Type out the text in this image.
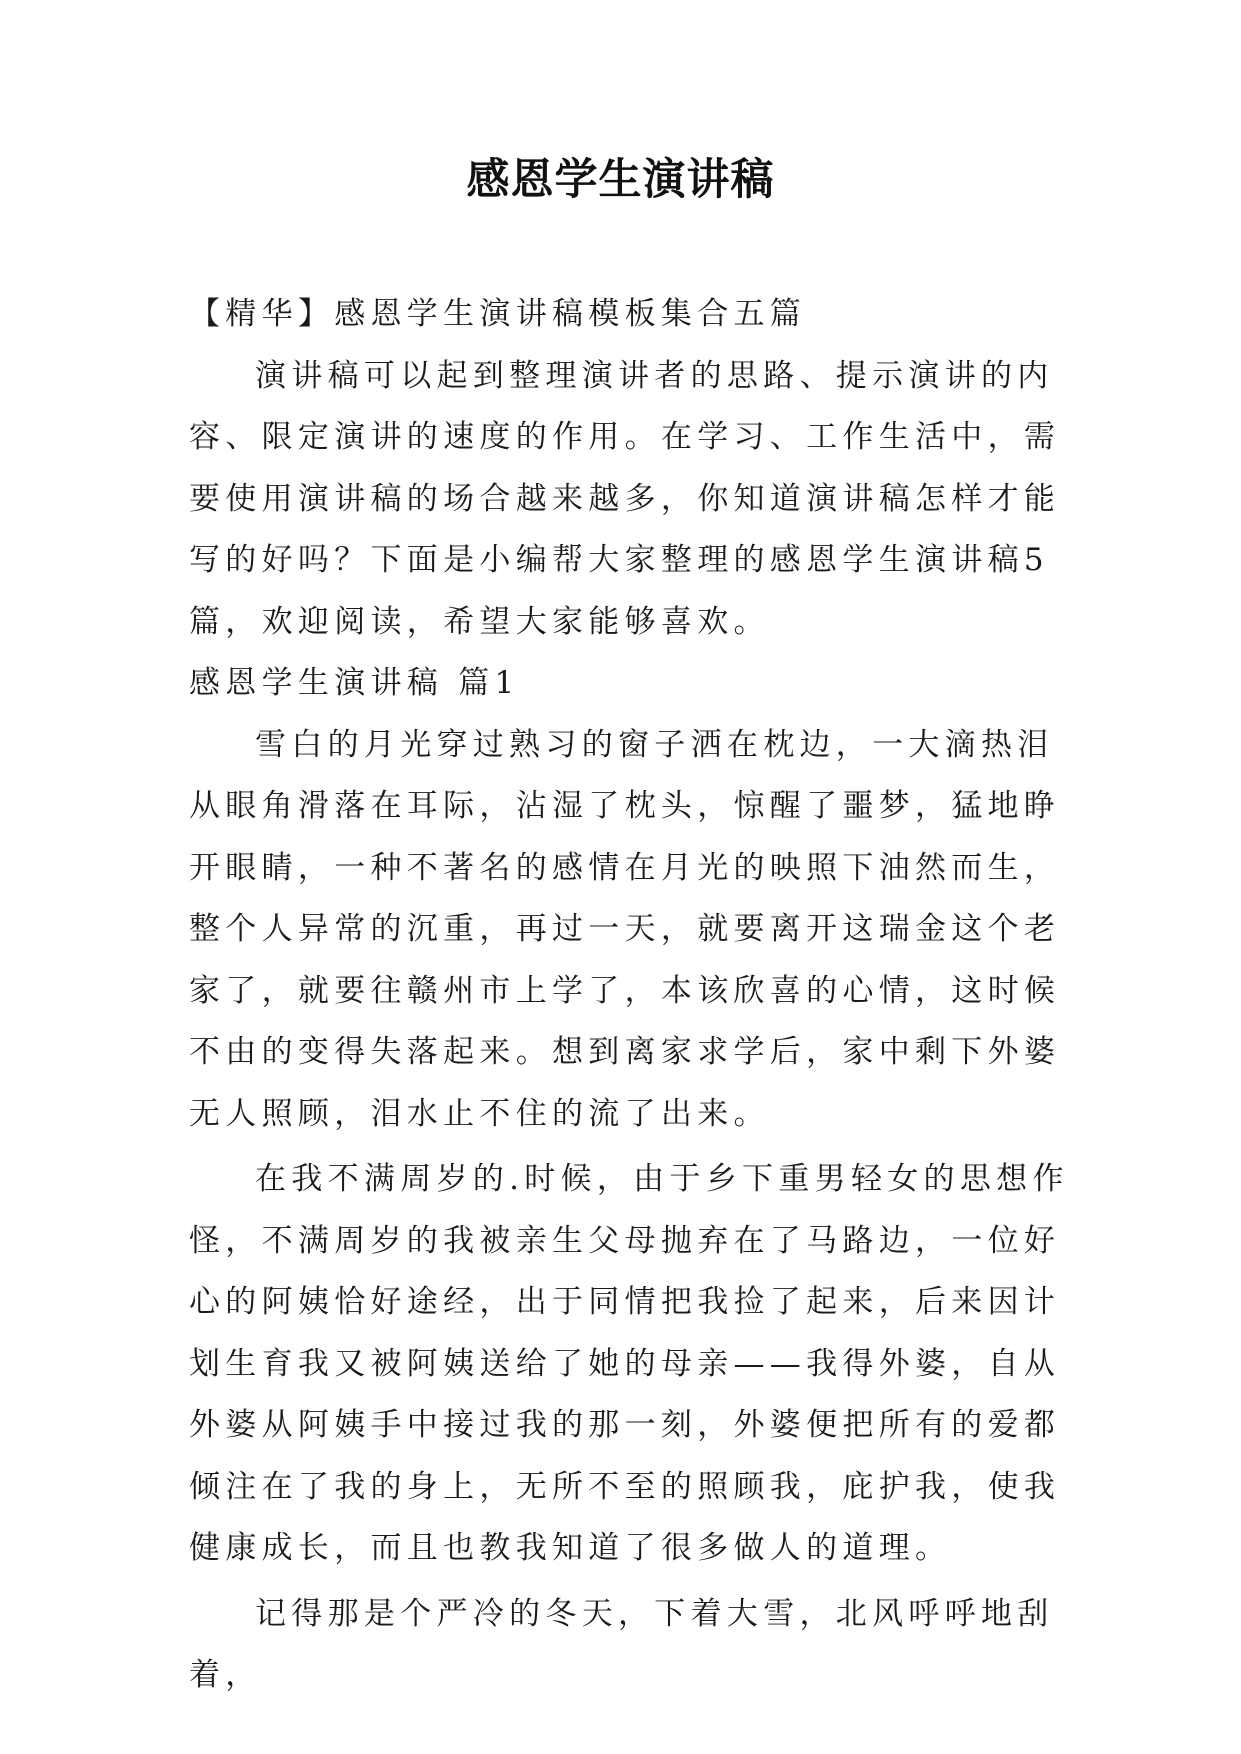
感恩学生演讲稿

【精华】感恩学生演讲稿模板集合五篇

演讲稿可以起到整理演讲者的思路、提示演讲的内容、限定演讲的速度的作用。在学习、工作生活中，需要使用演讲稿的场合越来越多，你知道演讲稿怎样才能写的好吗？下面是小编帮大家整理的感恩学生演讲稿5篇，欢迎阅读，希望大家能够喜欢。

感恩学生演讲稿 篇1

雪白的月光穿过熟习的窗子洒在枕边，一大滴热泪从眼角滑落在耳际，沾湿了枕头，惊醒了噩梦，猛地睁开眼睛，一种不著名的感情在月光的映照下油然而生，整个人异常的沉重，再过一天，就要离开这瑞金这个老家了，就要往赣州市上学了，本该欣喜的心情，这时候不由的变得失落起来。想到离家求学后，家中剩下外婆无人照顾，泪水止不住的流了出来。

在我不满周岁的.时候，由于乡下重男轻女的思想作怪，不满周岁的我被亲生父母抛弃在了马路边，一位好心的阿姨恰好途经，出于同情把我捡了起来，后来因计划生育我又被阿姨送给了她的母亲——我得外婆，自从外婆从阿姨手中接过我的那一刻，外婆便把所有的爱都倾注在了我的身上，无所不至的照顾我，庇护我，使我健康成长，而且也教我知道了很多做人的道理。

记得那是个严冷的冬天，下着大雪，北风呼呼地刮着，
